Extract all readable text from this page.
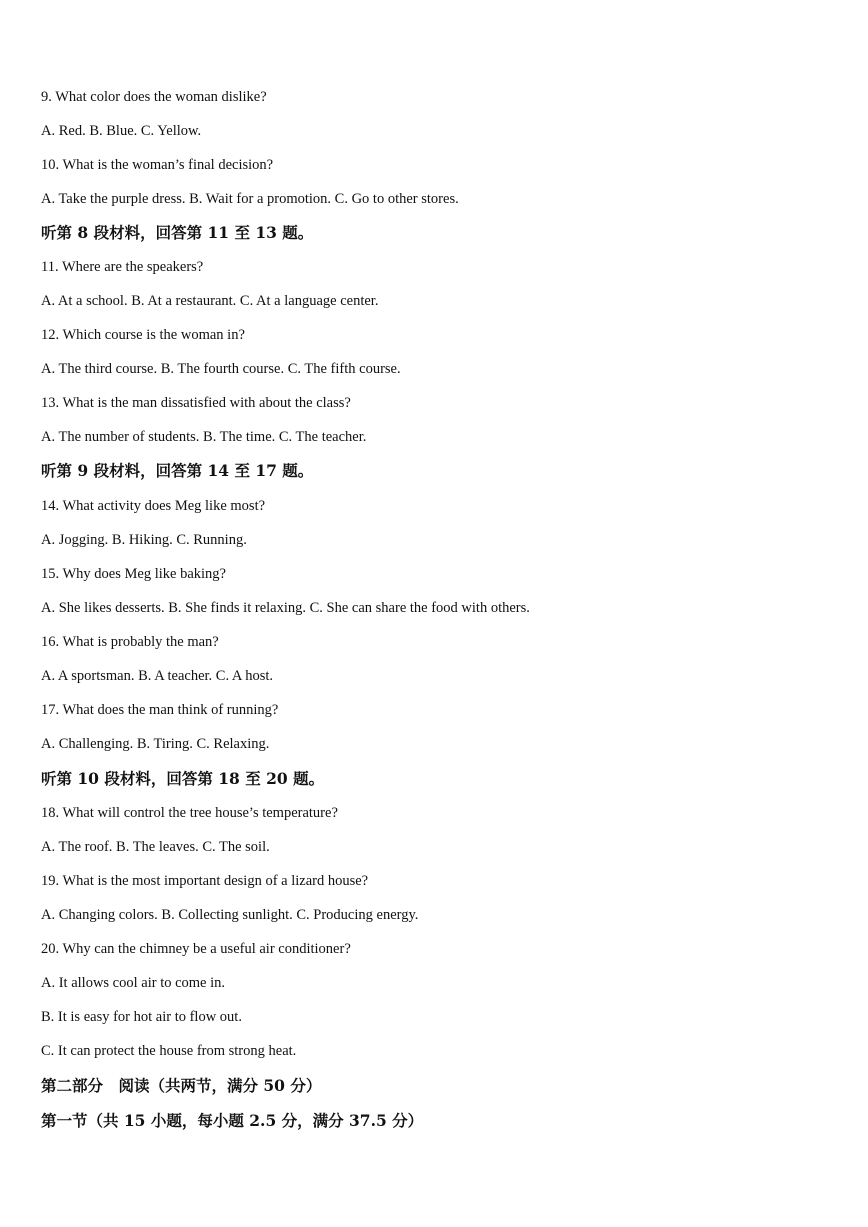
9. What color does the woman dislike?
A. Red. B. Blue. C. Yellow.
10. What is the woman’s final decision?
A. Take the purple dress. B. Wait for a promotion. C. Go to other stores.
听第 8 段材料，回答第 11 至 13 题。
11. Where are the speakers?
A. At a school. B. At a restaurant. C. At a language center.
12. Which course is the woman in?
A. The third course. B. The fourth course. C. The fifth course.
13. What is the man dissatisfied with about the class?
A. The number of students. B. The time. C. The teacher.
听第 9 段材料，回答第 14 至 17 题。
14. What activity does Meg like most?
A. Jogging. B. Hiking. C. Running.
15. Why does Meg like baking?
A. She likes desserts. B. She finds it relaxing. C. She can share the food with others.
16. What is probably the man?
A. A sportsman. B. A teacher. C. A host.
17. What does the man think of running?
A. Challenging. B. Tiring. C. Relaxing.
听第 10 段材料，回答第 18 至 20 题。
18. What will control the tree house’s temperature?
A. The roof. B. The leaves. C. The soil.
19. What is the most important design of a lizard house?
A. Changing colors. B. Collecting sunlight. C. Producing energy.
20. Why can the chimney be a useful air conditioner?
A. It allows cool air to come in.
B. It is easy for hot air to flow out.
C. It can protect the house from strong heat.
第二部分　阅读（共两节，满分 50 分）
第一节（共 15 小题，每小题 2.5 分，满分 37.5 分）
